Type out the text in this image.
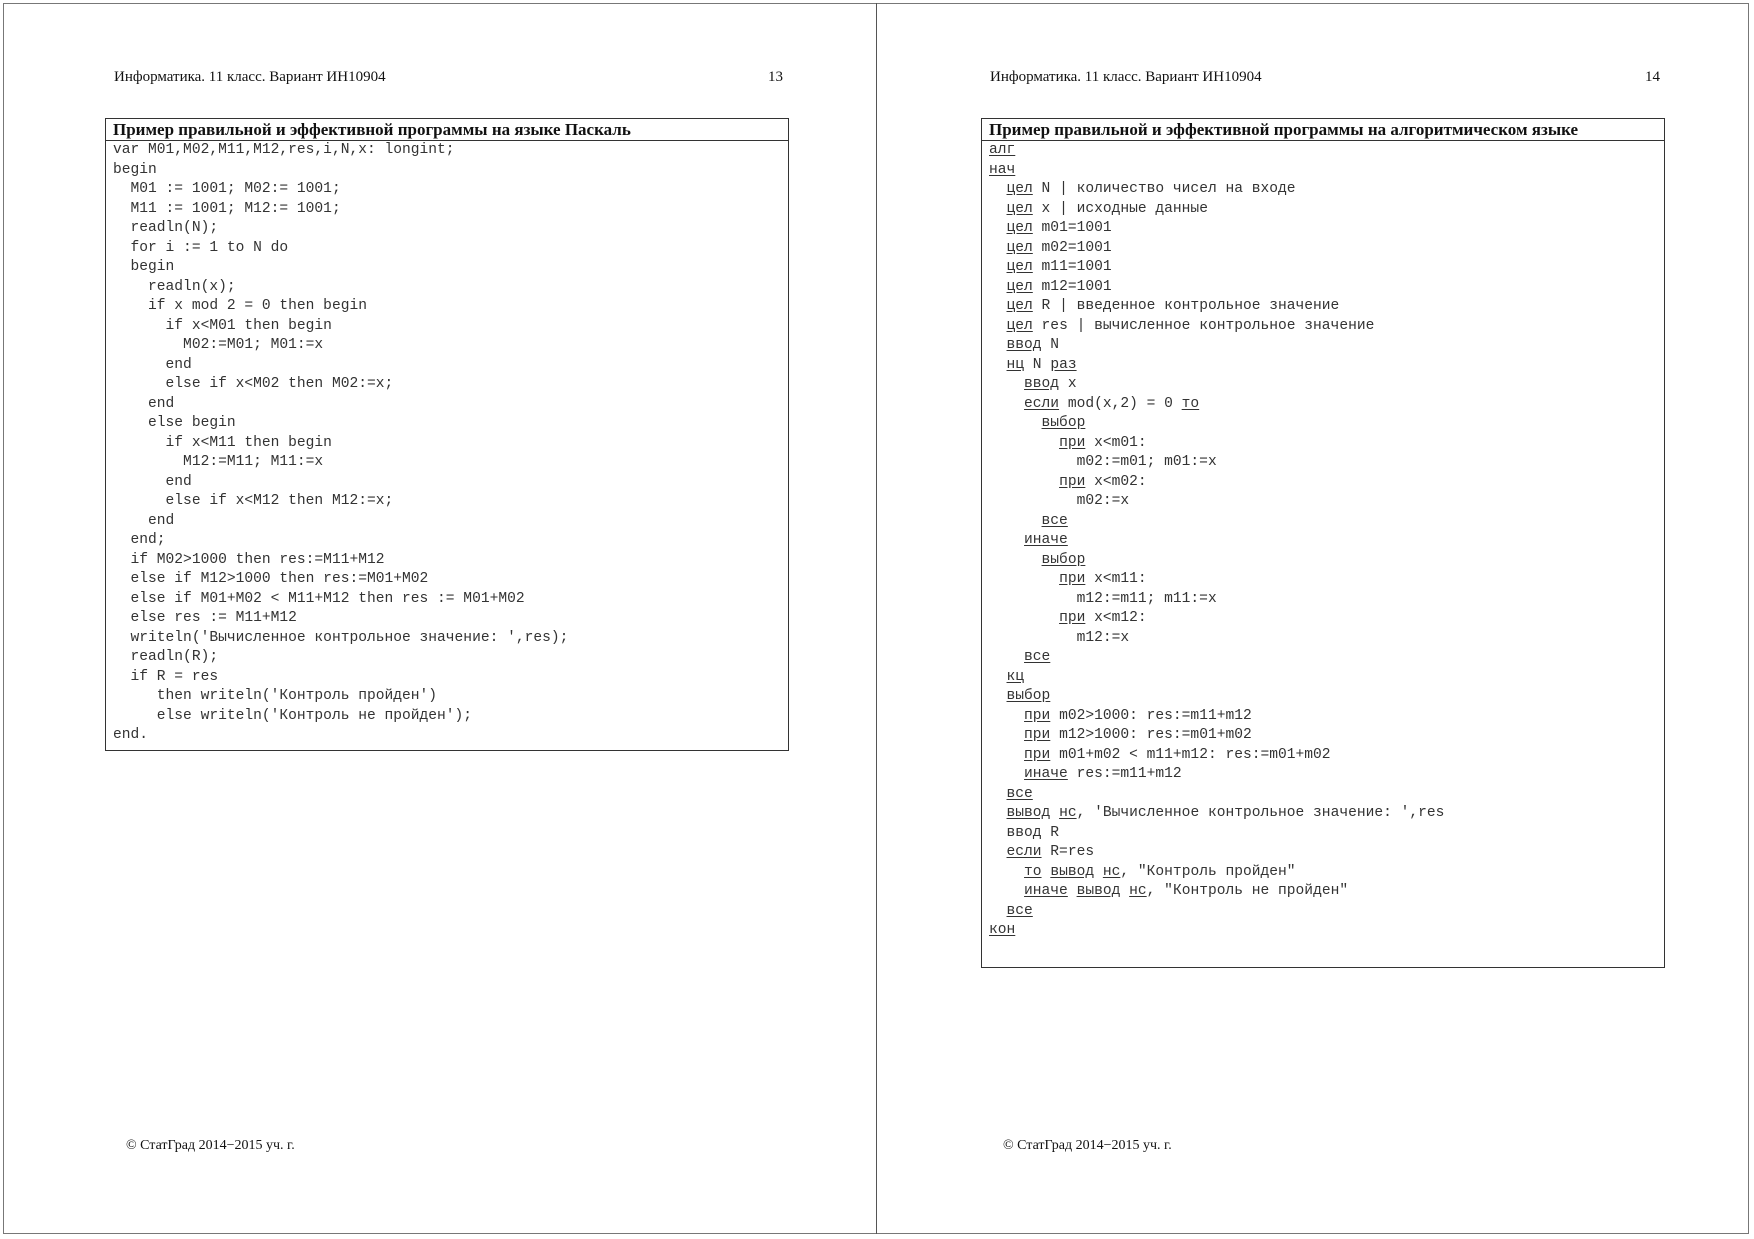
Информатика. 11 класс. Вариант ИН10904	13
Пример правильной и эффективной программы на языке Паскаль
var M01,M02,M11,M12,res,i,N,x: longint;
begin
M01 := 1001; M02:= 1001;
M11 := 1001; M12:= 1001;
readln(N);
for i := 1 to N do
begin
readln(x);
if x mod 2 = 0 then begin
if x<M01 then begin
M02:=M01; M01:=x
end
else if x<M02 then M02:=x;
end
else begin
if x<M11 then begin
M12:=M11; M11:=x
end
else if x<M12 then M12:=x;
end
end;
if M02>1000 then res:=M11+M12
else if M12>1000 then res:=M01+M02
else if M01+M02 < M11+M12 then res := M01+M02
else res := M11+M12
writeln('Вычисленное контрольное значение: ',res);
readln(R);
if R = res
then writeln('Контроль пройден')
else writeln('Контроль не пройден');
end.
© СтатГрад 2014−2015 уч. г.
Информатика. 11 класс. Вариант ИН10904	14
Пример правильной и эффективной программы на алгоритмическом языке
алг
нач
цел N | количество чисел на входе
цел x | исходные данные
цел m01=1001
цел m02=1001
цел m11=1001
цел m12=1001
цел R | введенное контрольное значение
цел res | вычисленное контрольное значение
ввод N
нц N раз
ввод x
если mod(x,2) = 0 то
выбор
при x<m01:
m02:=m01; m01:=x
при x<m02:
m02:=x
все
иначе
выбор
при x<m11:
m12:=m11; m11:=x
при x<m12:
m12:=x
все
кц
выбор
при m02>1000: res:=m11+m12
при m12>1000: res:=m01+m02
при m01+m02 < m11+m12: res:=m01+m02
иначе res:=m11+m12
все
вывод нс, 'Вычисленное контрольное значение: ',res
ввод R
если R=res
то вывод нс, "Контроль пройден"
иначе вывод нс, "Контроль не пройден"
все
кон
© СтатГрад 2014−2015 уч. г.
